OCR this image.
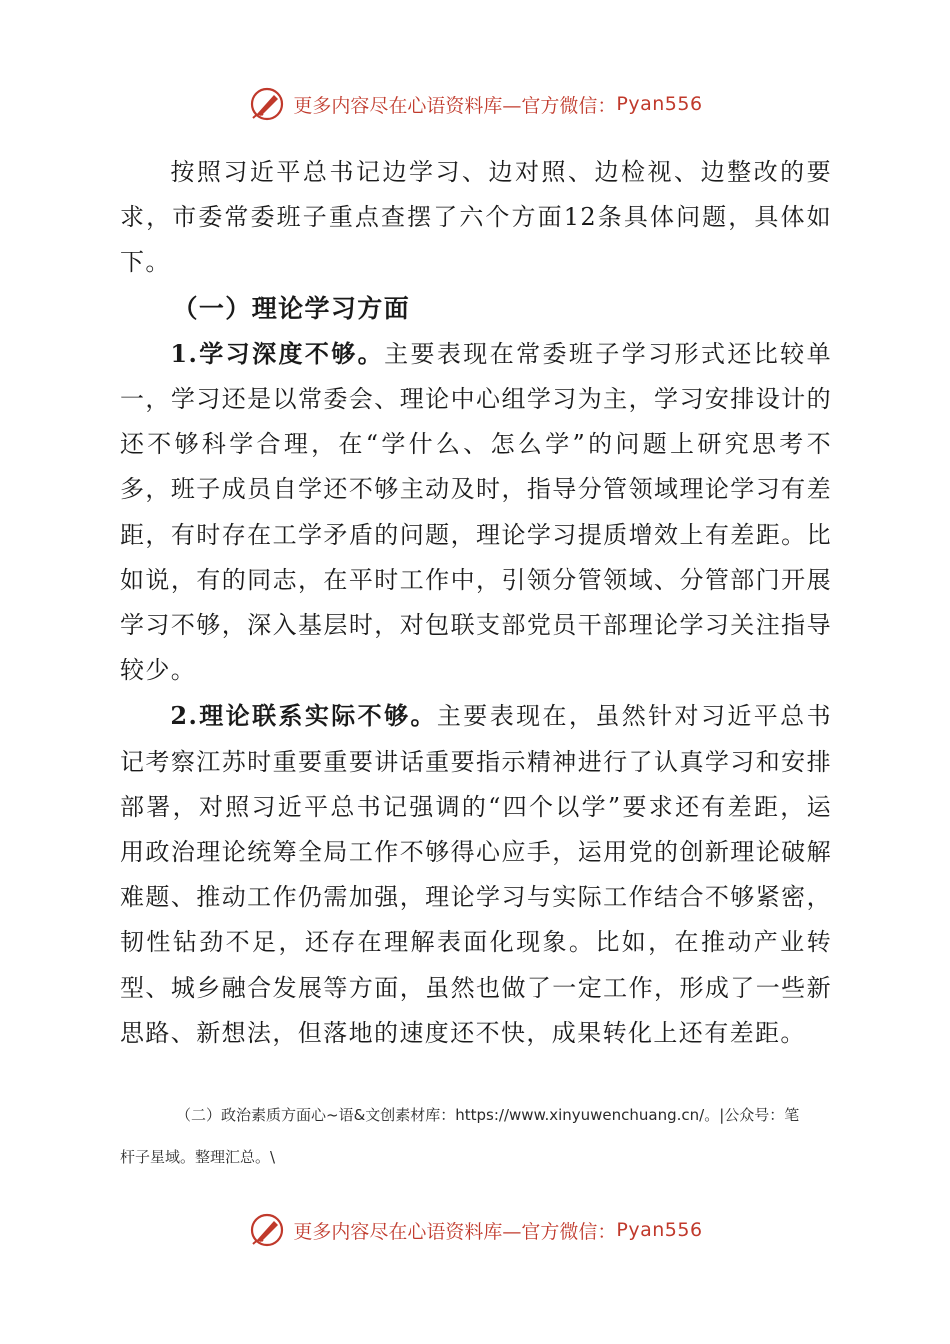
更多内容尽在心语资料库—官方微信： Pyan556

按照习近平总书记边学习、边对照、边检视、边整改的要求，市委常委班子重点查摆了六个方面12条具体问题，具体如下。

（一）理论学习方面

1.学习深度不够。主要表现在常委班子学习形式还比较单一，学习还是以常委会、理论中心组学习为主，学习安排设计的还不够科学合理，在“学什么、怎么学”的问题上研究思考不多，班子成员自学还不够主动及时，指导分管领域理论学习有差距，有时存在工学矛盾的问题，理论学习提质增效上有差距。比如说，有的同志，在平时工作中，引领分管领域、分管部门开展学习不够，深入基层时，对包联支部党员干部理论学习关注指导较少。

2.理论联系实际不够。主要表现在，虽然针对习近平总书记考察江苏时重要重要讲话重要指示精神进行了认真学习和安排部署，对照习近平总书记强调的“四个以学”要求还有差距，运用政治理论统筹全局工作不够得心应手，运用党的创新理论破解难题、推动工作仍需加强，理论学习与实际工作结合不够紧密，韧性钻劲不足，还存在理解表面化现象。比如，在推动产业转型、城乡融合发展等方面，虽然也做了一定工作，形成了一些新思路、新想法，但落地的速度还不快，成果转化上还有差距。

（二）政治素质方面心~语&文创素材库：https://www.xinyuwenchuang.cn/。|公众号：笔
杆子星域。整理汇总。\
更多内容尽在心语资料库—官方微信： Pyan556
